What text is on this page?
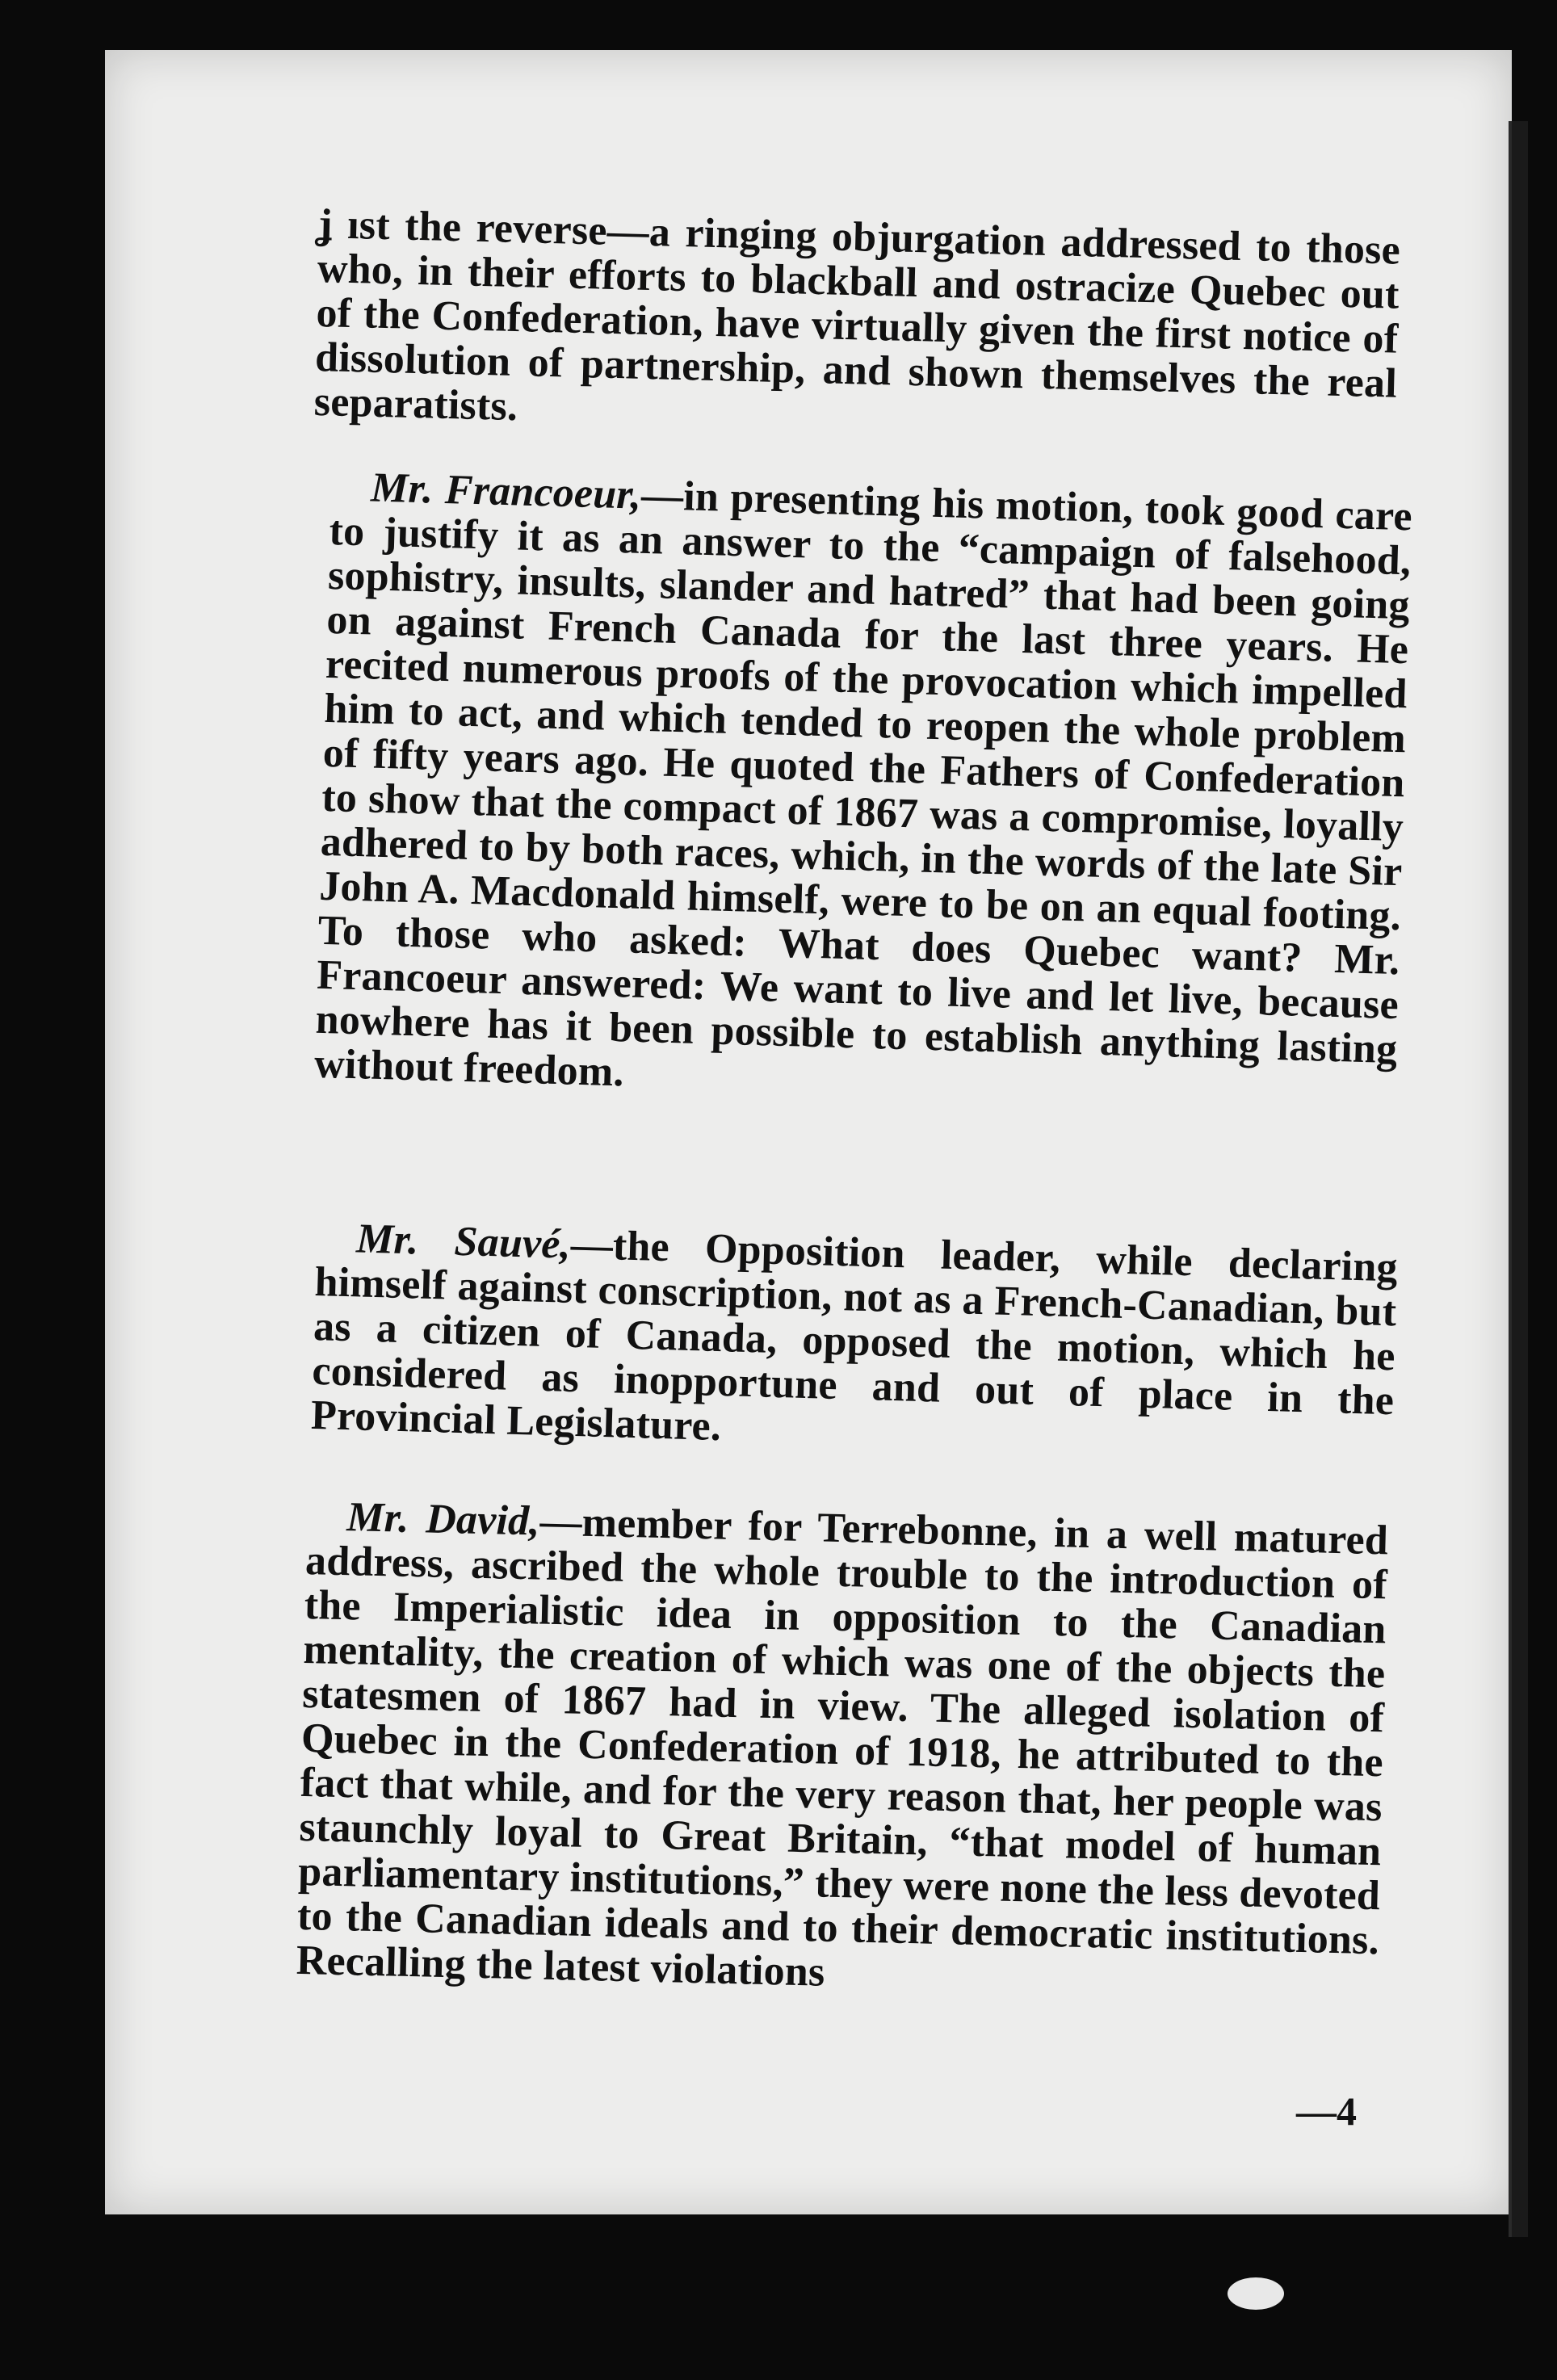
ʝ ıst the reverse—a ringing objurgation addressed to those who, in their efforts to blackball and ostracize Quebec out of the Confederation, have virtually given the first notice of dissolution of partnership, and shown themselves the real separatists.

Mr. Francoeur,—in presenting his motion, took good care to justify it as an answer to the “campaign of falsehood, sophistry, insults, slander and hatred” that had been going on against French Canada for the last three years. He recited numerous proofs of the provocation which impelled him to act, and which tended to reopen the whole problem of fifty years ago. He quoted the Fathers of Confederation to show that the compact of 1867 was a compromise, loyally adhered to by both races, which, in the words of the late Sir John A. Macdonald himself, were to be on an equal footing. To those who asked: What does Quebec want? Mr. Francoeur answered: We want to live and let live, because nowhere has it been possible to establish anything lasting without freedom.

Mr. Sauvé,—the Opposition leader, while declaring himself against conscription, not as a French-Canadian, but as a citizen of Canada, opposed the motion, which he considered as inopportune and out of place in the Provincial Legislature.

Mr. David,—member for Terrebonne, in a well matured address, ascribed the whole trouble to the introduction of the Imperialistic idea in opposition to the Canadian mentality, the creation of which was one of the objects the statesmen of 1867 had in view. The alleged isolation of Quebec in the Confederation of 1918, he attributed to the fact that while, and for the very reason that, her people was staunchly loyal to Great Britain, “that model of human parliamentary institutions,” they were none the less devoted to the Canadian ideals and to their democratic institutions. Recalling the latest violations

—4
